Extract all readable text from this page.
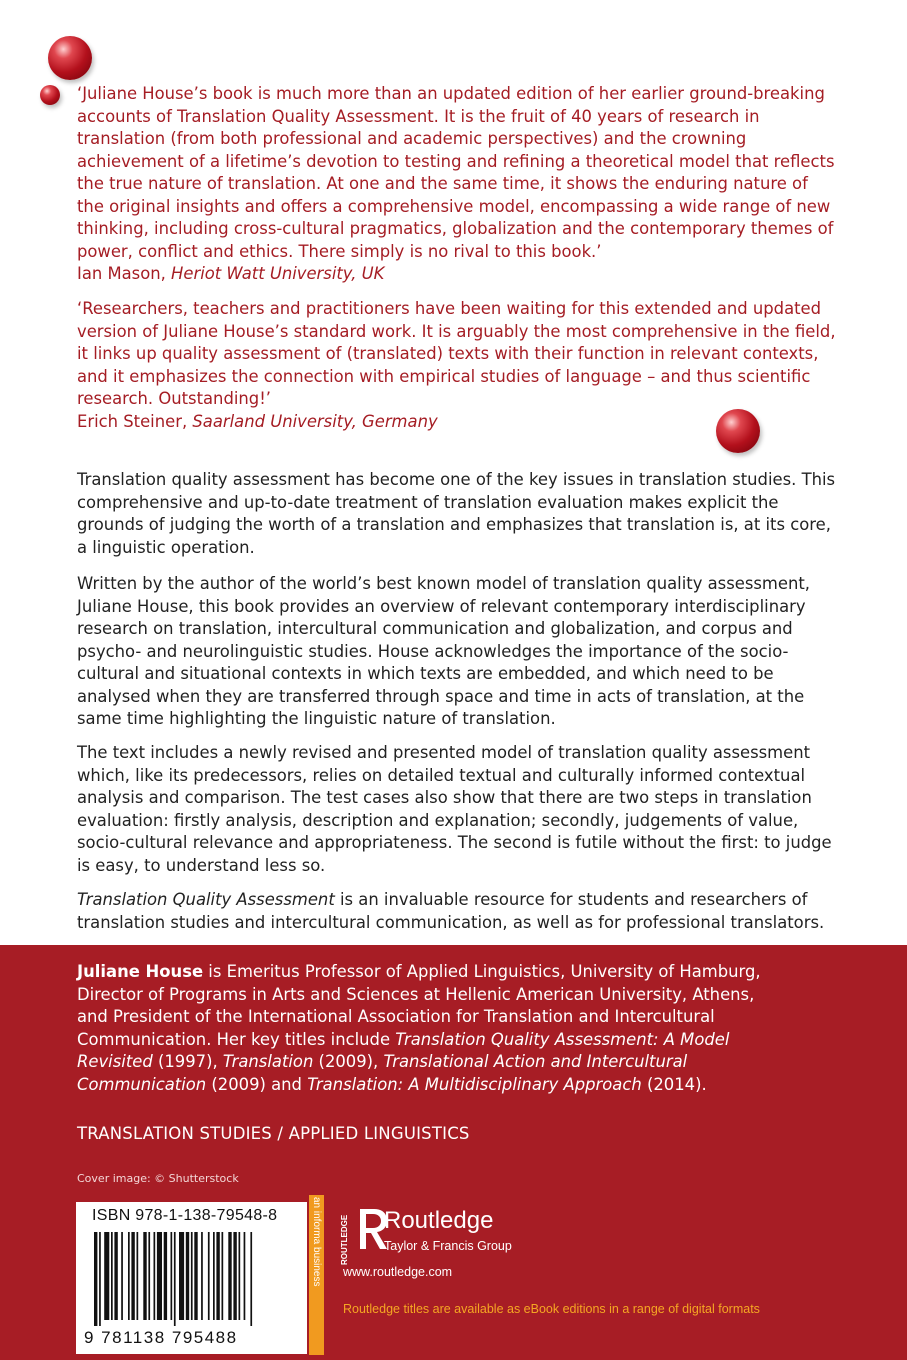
‘Juliane House’s book is much more than an updated edition of her earlier ground-breaking accounts of Translation Quality Assessment. It is the fruit of 40 years of research in translation (from both professional and academic perspectives) and the crowning achievement of a lifetime’s devotion to testing and refining a theoretical model that reflects the true nature of translation. At one and the same time, it shows the enduring nature of the original insights and offers a comprehensive model, encompassing a wide range of new thinking, including cross-cultural pragmatics, globalization and the contemporary themes of power, conflict and ethics. There simply is no rival to this book.’
Ian Mason, Heriot Watt University, UK
‘Researchers, teachers and practitioners have been waiting for this extended and updated version of Juliane House’s standard work. It is arguably the most comprehensive in the field, it links up quality assessment of (translated) texts with their function in relevant contexts, and it emphasizes the connection with empirical studies of language – and thus scientific research. Outstanding!’
Erich Steiner, Saarland University, Germany
Translation quality assessment has become one of the key issues in translation studies. This comprehensive and up-to-date treatment of translation evaluation makes explicit the grounds of judging the worth of a translation and emphasizes that translation is, at its core, a linguistic operation.
Written by the author of the world’s best known model of translation quality assessment, Juliane House, this book provides an overview of relevant contemporary interdisciplinary research on translation, intercultural communication and globalization, and corpus and psycho- and neurolinguistic studies. House acknowledges the importance of the socio-cultural and situational contexts in which texts are embedded, and which need to be analysed when they are transferred through space and time in acts of translation, at the same time highlighting the linguistic nature of translation.
The text includes a newly revised and presented model of translation quality assessment which, like its predecessors, relies on detailed textual and culturally informed contextual analysis and comparison. The test cases also show that there are two steps in translation evaluation: firstly analysis, description and explanation; secondly, judgements of value, socio-cultural relevance and appropriateness. The second is futile without the first: to judge is easy, to understand less so.
Translation Quality Assessment is an invaluable resource for students and researchers of translation studies and intercultural communication, as well as for professional translators.
Juliane House is Emeritus Professor of Applied Linguistics, University of Hamburg, Director of Programs in Arts and Sciences at Hellenic American University, Athens, and President of the International Association for Translation and Intercultural Communication. Her key titles include Translation Quality Assessment: A Model Revisited (1997), Translation (2009), Translational Action and Intercultural Communication (2009) and Translation: A Multidisciplinary Approach (2014).
TRANSLATION STUDIES / APPLIED LINGUISTICS
Cover image: © Shutterstock
ISBN 978-1-138-79548-8
9 781138 795488
an informa business ROUTLEDGE Routledge
Taylor & Francis Group
www.routledge.com
Routledge titles are available as eBook editions in a range of digital formats
